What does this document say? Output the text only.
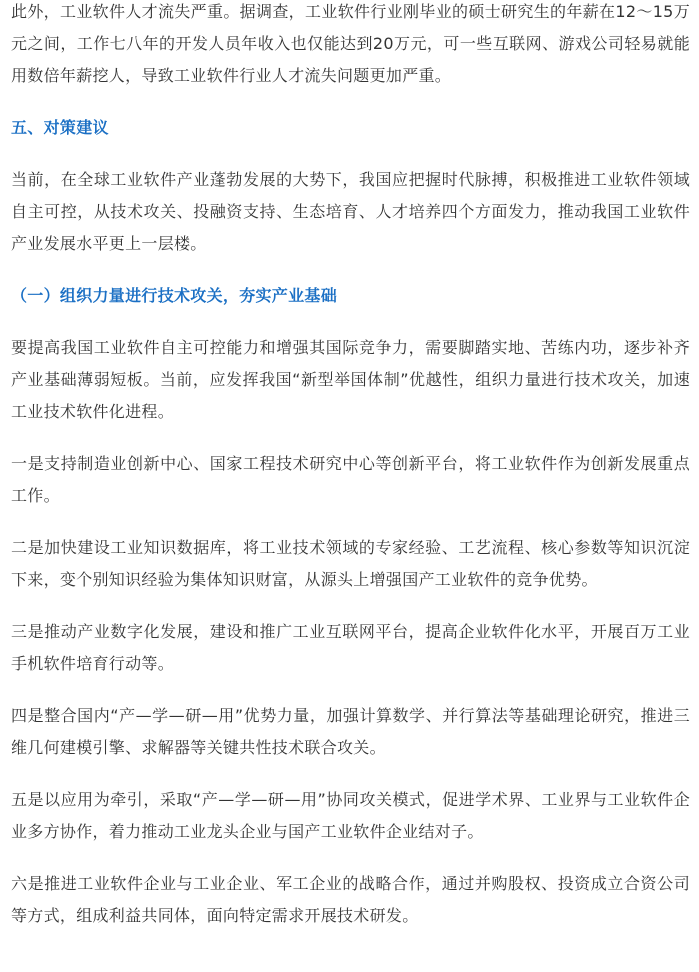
此外，工业软件人才流失严重。据调查，工业软件行业刚毕业的硕士研究生的年薪在12～15万元之间，工作七八年的开发人员年收入也仅能达到20万元，可一些互联网、游戏公司轻易就能用数倍年薪挖人，导致工业软件行业人才流失问题更加严重。

五、对策建议

当前，在全球工业软件产业蓬勃发展的大势下，我国应把握时代脉搏，积极推进工业软件领域自主可控，从技术攻关、投融资支持、生态培育、人才培养四个方面发力，推动我国工业软件产业发展水平更上一层楼。

（一）组织力量进行技术攻关，夯实产业基础

要提高我国工业软件自主可控能力和增强其国际竞争力，需要脚踏实地、苦练内功，逐步补齐产业基础薄弱短板。当前，应发挥我国“新型举国体制”优越性，组织力量进行技术攻关，加速工业技术软件化进程。

一是支持制造业创新中心、国家工程技术研究中心等创新平台，将工业软件作为创新发展重点工作。

二是加快建设工业知识数据库，将工业技术领域的专家经验、工艺流程、核心参数等知识沉淀下来，变个别知识经验为集体知识财富，从源头上增强国产工业软件的竞争优势。

三是推动产业数字化发展，建设和推广工业互联网平台，提高企业软件化水平，开展百万工业手机软件培育行动等。

四是整合国内“产—学—研—用”优势力量，加强计算数学、并行算法等基础理论研究，推进三维几何建模引擎、求解器等关键共性技术联合攻关。

五是以应用为牵引，采取“产—学—研—用”协同攻关模式，促进学术界、工业界与工业软件企业多方协作，着力推动工业龙头企业与国产工业软件企业结对子。

六是推进工业软件企业与工业企业、军工企业的战略合作，通过并购股权、投资成立合资公司等方式，组成利益共同体，面向特定需求开展技术研发。
